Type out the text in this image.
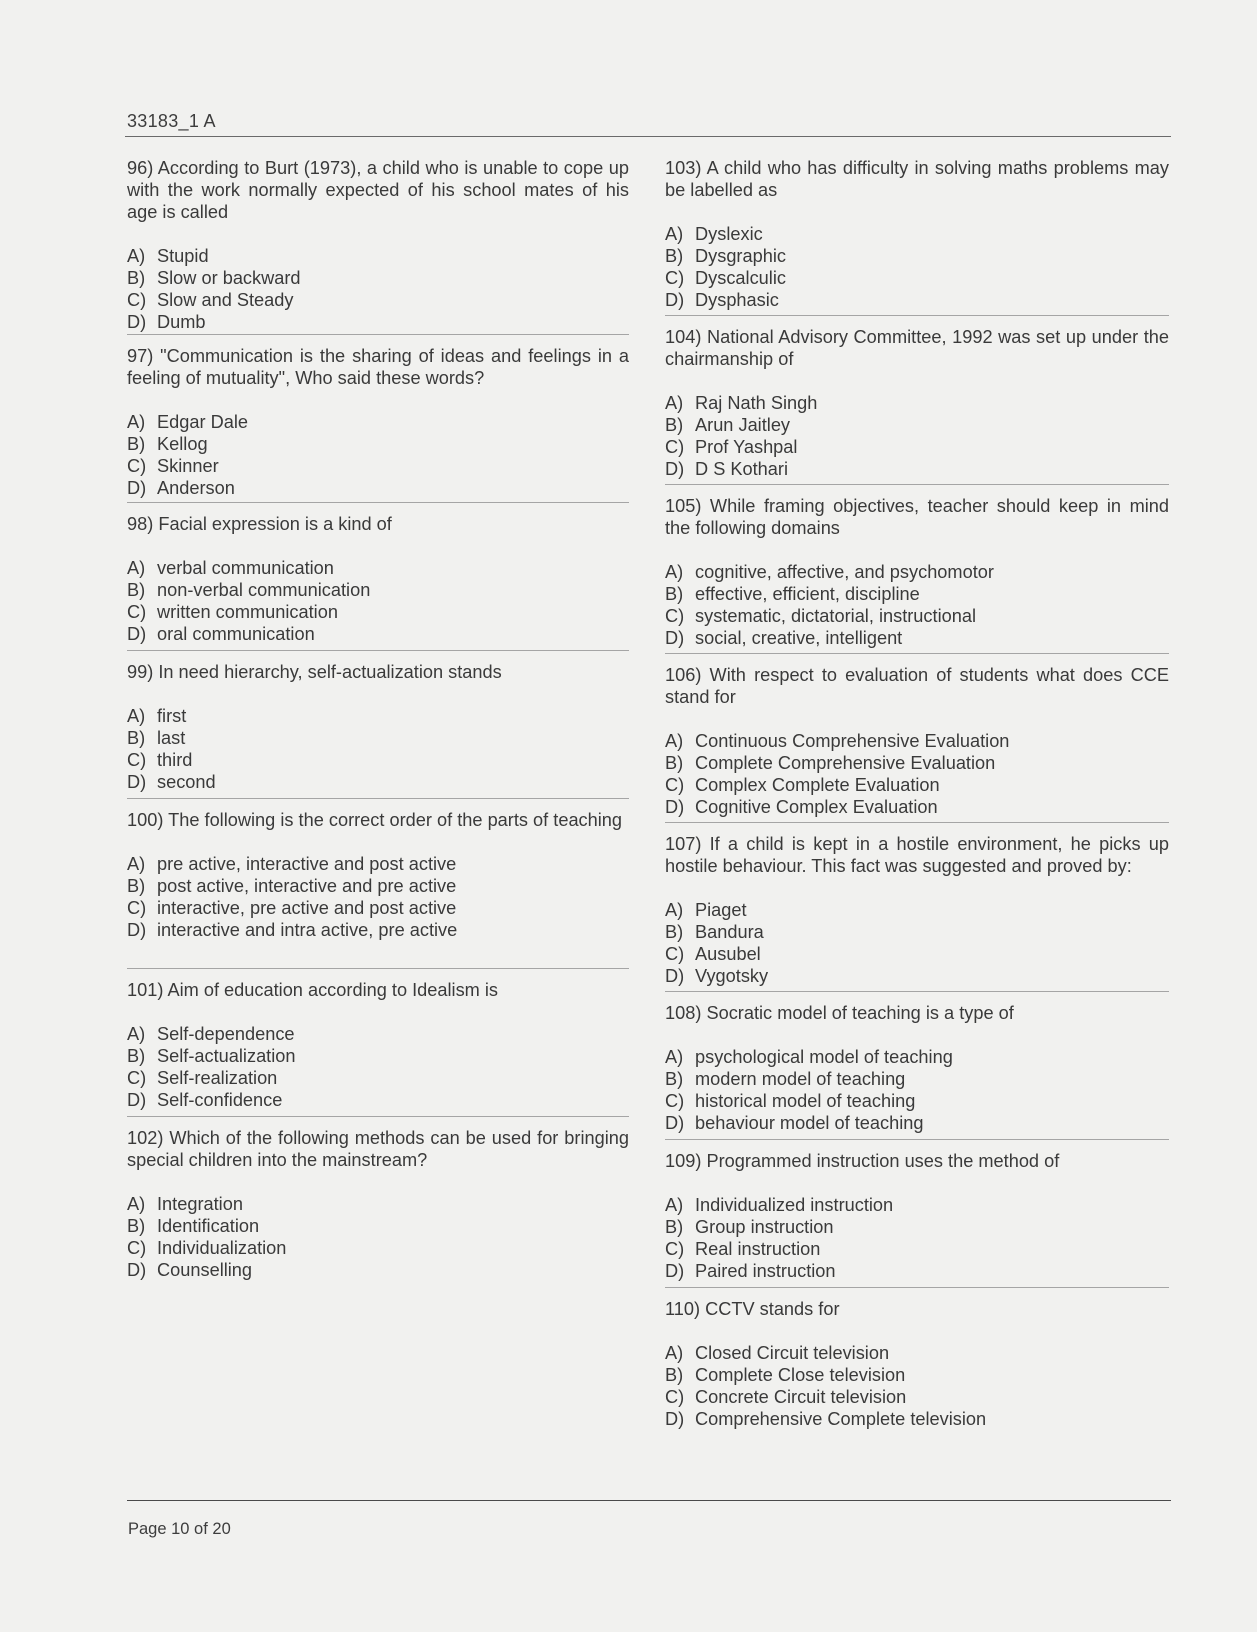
33183_1 A

96) According to Burt (1973), a child who is unable to cope up with the work normally expected of his school mates of his age is called

A) Stupid
B) Slow or backward
C) Slow and Steady
D) Dumb

97) "Communication is the sharing of ideas and feelings in a feeling of mutuality", Who said these words?

A) Edgar Dale
B) Kellog
C) Skinner
D) Anderson

98) Facial expression is a kind of

A) verbal communication
B) non-verbal communication
C) written communication
D) oral communication

99) In need hierarchy, self-actualization stands

A) first
B) last
C) third
D) second

100) The following is the correct order of the parts of teaching

A) pre active, interactive and post active
B) post active, interactive and pre active
C) interactive, pre active and post active
D) interactive and intra active, pre active

101) Aim of education according to Idealism is

A) Self-dependence
B) Self-actualization
C) Self-realization
D) Self-confidence

102) Which of the following methods can be used for bringing special children into the mainstream?

A) Integration
B) Identification
C) Individualization
D) Counselling

103) A child who has difficulty in solving maths problems may be labelled as

A) Dyslexic
B) Dysgraphic
C) Dyscalculic
D) Dysphasic

104) National Advisory Committee, 1992 was set up under the chairmanship of

A) Raj Nath Singh
B) Arun Jaitley
C) Prof Yashpal
D) D S Kothari

105) While framing objectives, teacher should keep in mind the following domains

A) cognitive, affective, and psychomotor
B) effective, efficient, discipline
C) systematic, dictatorial, instructional
D) social, creative, intelligent

106) With respect to evaluation of students what does CCE stand for

A) Continuous Comprehensive Evaluation
B) Complete Comprehensive Evaluation
C) Complex Complete Evaluation
D) Cognitive Complex Evaluation

107) If a child is kept in a hostile environment, he picks up hostile behaviour. This fact was suggested and proved by:

A) Piaget
B) Bandura
C) Ausubel
D) Vygotsky

108) Socratic model of teaching is a type of

A) psychological model of teaching
B) modern model of teaching
C) historical model of teaching
D) behaviour model of teaching

109) Programmed instruction uses the method of

A) Individualized instruction
B) Group instruction
C) Real instruction
D) Paired instruction

110) CCTV stands for

A) Closed Circuit television
B) Complete Close television
C) Concrete Circuit television
D) Comprehensive Complete television
Page 10 of 20
